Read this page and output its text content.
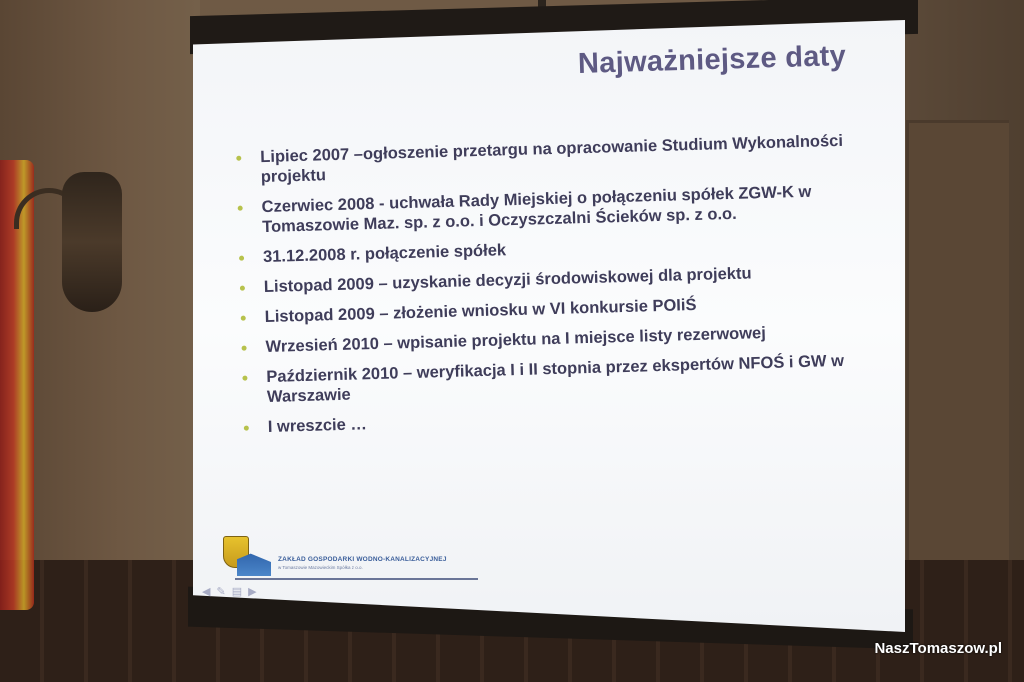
Najważniejsze daty
Lipiec 2007 –ogłoszenie przetargu na opracowanie Studium Wykonalności projektu
Czerwiec 2008 - uchwała Rady Miejskiej o połączeniu spółek ZGW-K w Tomaszowie Maz. sp. z o.o. i Oczyszczalni Ścieków sp. z o.o.
31.12.2008 r. połączenie spółek
Listopad 2009 – uzyskanie decyzji środowiskowej dla projektu
Listopad 2009 – złożenie wniosku w VI konkursie POIiŚ
Wrzesień 2010 – wpisanie projektu na I miejsce listy rezerwowej
Październik 2010 – weryfikacja I i II stopnia przez ekspertów NFOŚ i GW w Warszawie
I wreszcie …
ZAKŁAD GOSPODARKI WODNO-KANALIZACYJNEJ
w Tomaszowie Mazowieckim Spółka z o.o.
◀✎▤▶
NaszTomaszow.pl
